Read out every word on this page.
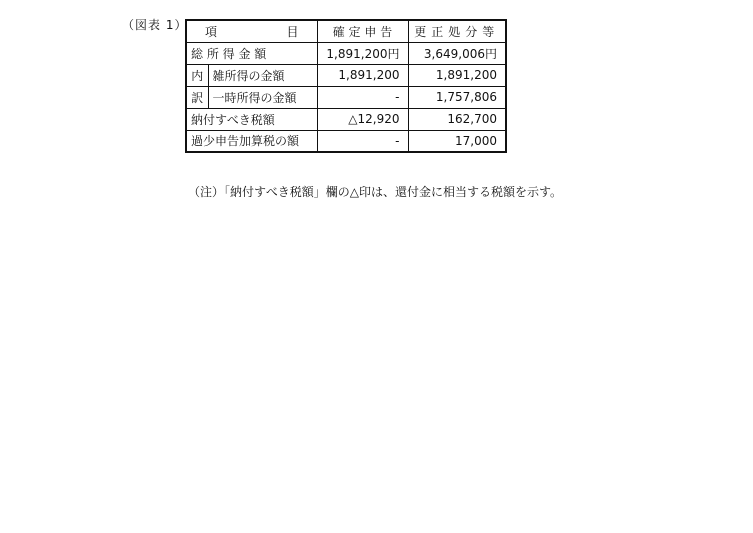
（図表 1） 項 目		確 定 申 告	更正処分等
総 所 得 金 額		1,891,200円	3,649,006円
内	雑所得の金額	1,891,200	1,891,200
訳	一時所得の金額	-	1,757,806
納付すべき税額		△12,920	162,700
過少申告加算税の額		-	17,000
（注）「納付すべき税額」欄の△印は、還付金に相当する税額を示す。
